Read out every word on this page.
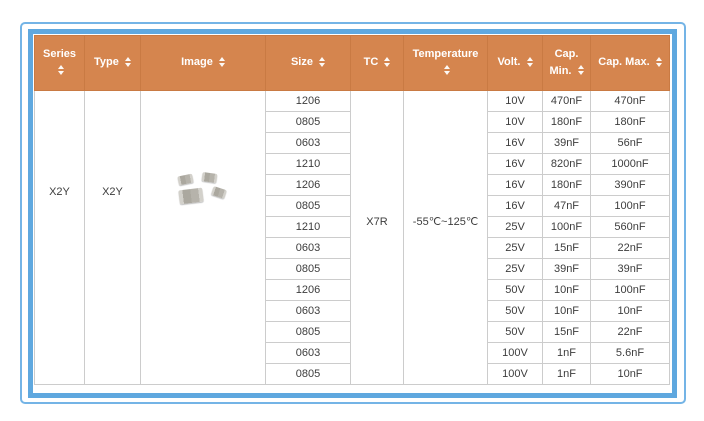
Series	Type	Image	Size	TC	Temperature	Volt.	Cap. Min.	Cap. Max.

X2Y	X2Y		1206	X7R	-55℃~125℃	10V	470nF	470nF
			0805			10V	180nF	180nF
			0603			16V	39nF	56nF
			1210			16V	820nF	1000nF
			1206			16V	180nF	390nF
			0805			16V	47nF	100nF
			1210			25V	100nF	560nF
			0603			25V	15nF	22nF
			0805			25V	39nF	39nF
			1206			50V	10nF	100nF
			0603			50V	10nF	10nF
			0805			50V	15nF	22nF
			0603			100V	1nF	5.6nF
			0805			100V	1nF	10nF
